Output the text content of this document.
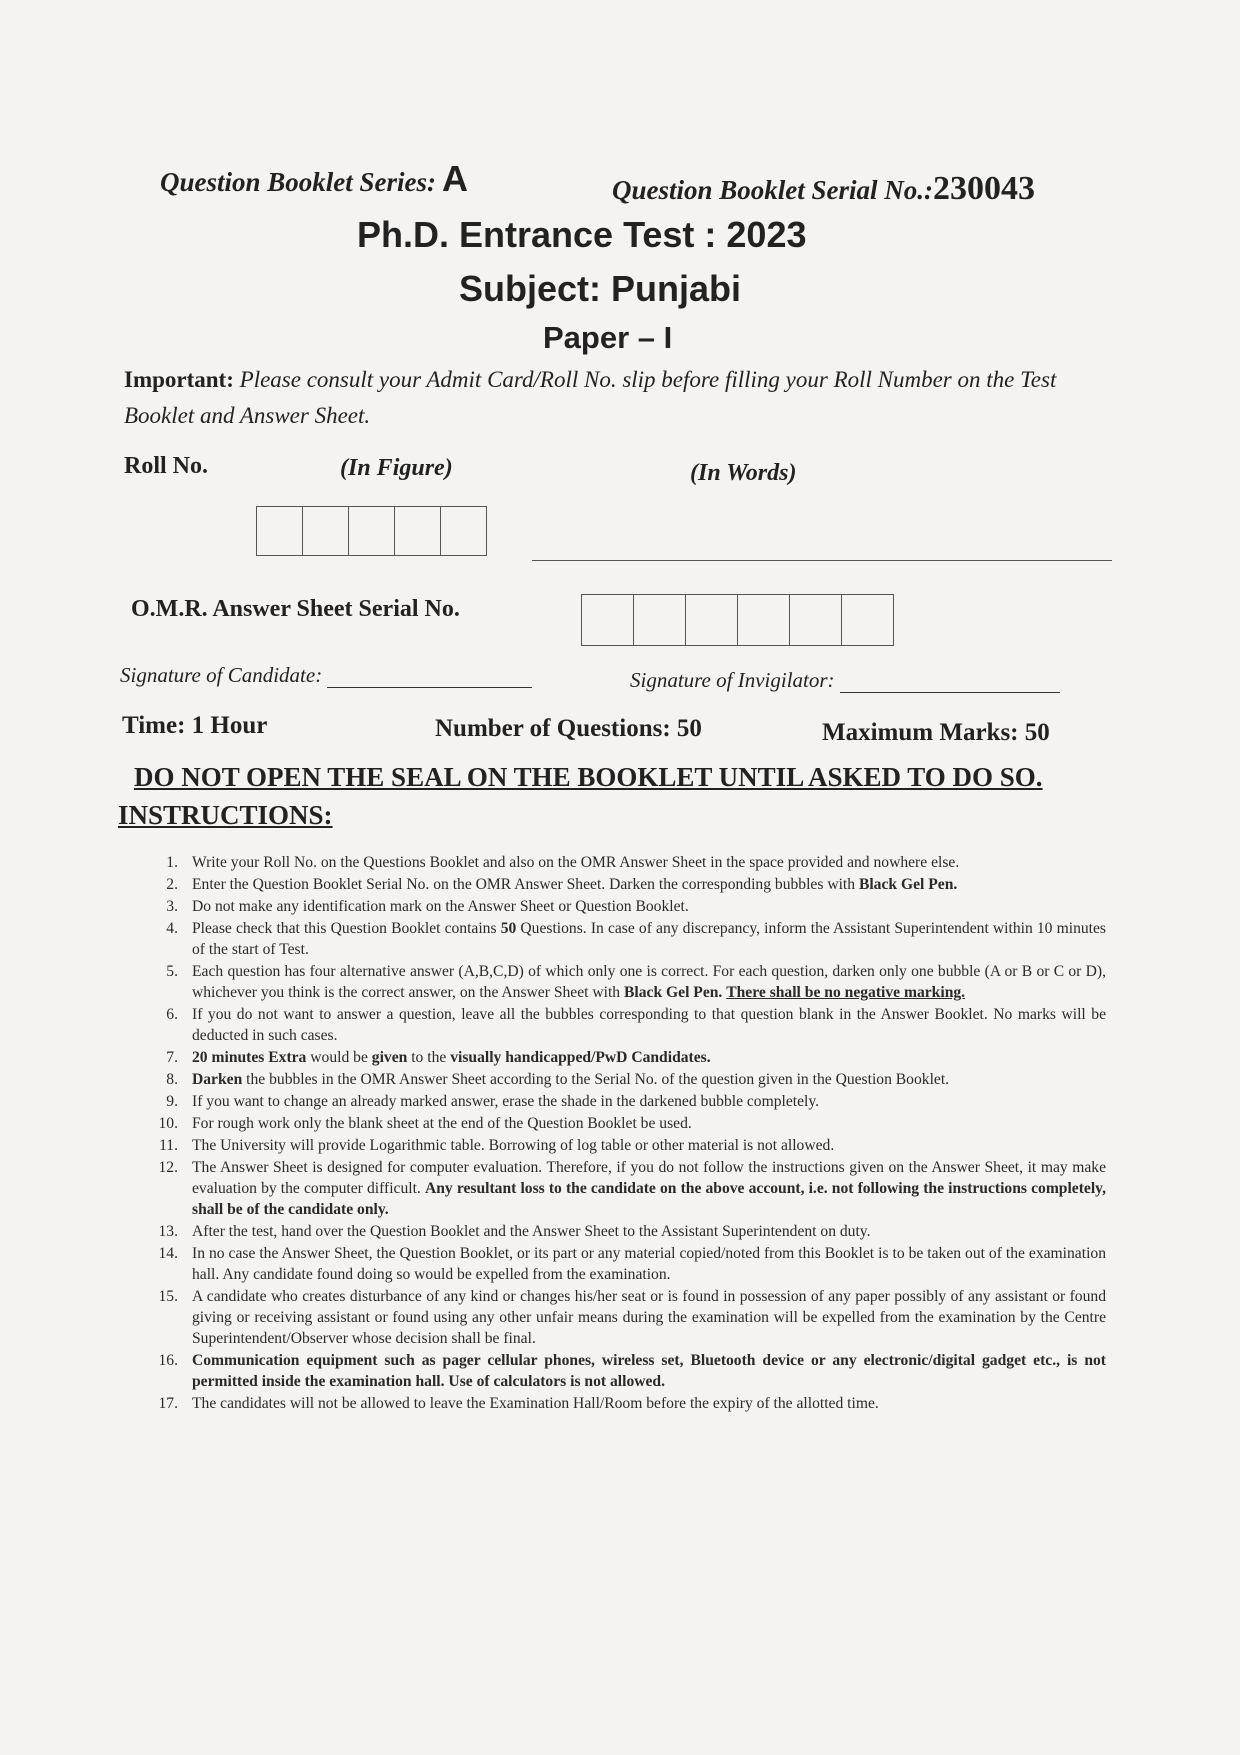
Question Booklet Series: A	Question Booklet Serial No.:230043
Ph.D. Entrance Test : 2023
Subject: Punjabi
Paper – I
Important: Please consult your Admit Card/Roll No. slip before filling your Roll Number on the Test Booklet and Answer Sheet.
Roll No.	(In Figure)	(In Words)
O.M.R. Answer Sheet Serial No.
Signature of Candidate:	Signature of Invigilator:
Time: 1 Hour	Number of Questions: 50	Maximum Marks: 50
DO NOT OPEN THE SEAL ON THE BOOKLET UNTIL ASKED TO DO SO.
INSTRUCTIONS:
1. Write your Roll No. on the Questions Booklet and also on the OMR Answer Sheet in the space provided and nowhere else.
2. Enter the Question Booklet Serial No. on the OMR Answer Sheet. Darken the corresponding bubbles with Black Gel Pen.
3. Do not make any identification mark on the Answer Sheet or Question Booklet.
4. Please check that this Question Booklet contains 50 Questions. In case of any discrepancy, inform the Assistant Superintendent within 10 minutes of the start of Test.
5. Each question has four alternative answer (A,B,C,D) of which only one is correct. For each question, darken only one bubble (A or B or C or D), whichever you think is the correct answer, on the Answer Sheet with Black Gel Pen. There shall be no negative marking.
6. If you do not want to answer a question, leave all the bubbles corresponding to that question blank in the Answer Booklet. No marks will be deducted in such cases.
7. 20 minutes Extra would be given to the visually handicapped/PwD Candidates.
8. Darken the bubbles in the OMR Answer Sheet according to the Serial No. of the question given in the Question Booklet.
9. If you want to change an already marked answer, erase the shade in the darkened bubble completely.
10. For rough work only the blank sheet at the end of the Question Booklet be used.
11. The University will provide Logarithmic table. Borrowing of log table or other material is not allowed.
12. The Answer Sheet is designed for computer evaluation. Therefore, if you do not follow the instructions given on the Answer Sheet, it may make evaluation by the computer difficult. Any resultant loss to the candidate on the above account, i.e. not following the instructions completely, shall be of the candidate only.
13. After the test, hand over the Question Booklet and the Answer Sheet to the Assistant Superintendent on duty.
14. In no case the Answer Sheet, the Question Booklet, or its part or any material copied/noted from this Booklet is to be taken out of the examination hall. Any candidate found doing so would be expelled from the examination.
15. A candidate who creates disturbance of any kind or changes his/her seat or is found in possession of any paper possibly of any assistant or found giving or receiving assistant or found using any other unfair means during the examination will be expelled from the examination by the Centre Superintendent/Observer whose decision shall be final.
16. Communication equipment such as pager cellular phones, wireless set, Bluetooth device or any electronic/digital gadget etc., is not permitted inside the examination hall. Use of calculators is not allowed.
17. The candidates will not be allowed to leave the Examination Hall/Room before the expiry of the allotted time.
